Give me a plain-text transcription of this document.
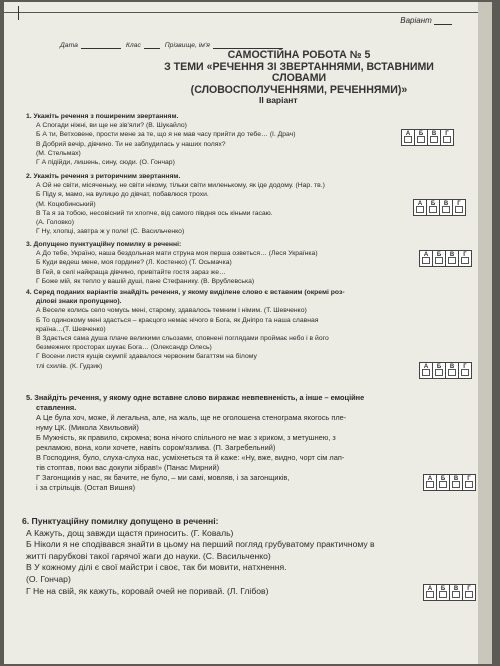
Варіант
Дата	Клас	Прізвище, ім'я
САМОСТІЙНА РОБОТА № 5
З ТЕМИ «РЕЧЕННЯ ЗІ ЗВЕРТАННЯМИ, ВСТАВНИМИ СЛОВАМИ
(СЛОВОСПОЛУЧЕННЯМИ, РЕЧЕННЯМИ)»
II варіант
1. Укажіть речення з поширеним звертанням.
А Спогади ніжні, ви ще не зів'яли? (В. Шукайло)
Б А ти, Ветховене, прости мене за те, що я не мав часу прийти до тебе… (І. Драч)
В Добрий вечір, дівчино. Ти не заблудилась у наших полях?
(М. Стельмах)
Г А підійди, лишень, сину, сюди. (О. Гончар)
А	Б	В	Г
2. Укажіть речення з риторичним звертанням.
А Ой не світи, місяченьку, не світи нікому, тільки світи миленькому, як іде додому. (Нар. тв.)
Б Піду я, мамо, на вулицю до дівчат, побавлюся трохи.
(М. Коцюбинський)
В Та я за тобою, несовісний ти хлопче, від самого півдня ось кіньми гасаю.
(А. Головко)
Г Ну, хлопці, завтра ж у поле! (С. Васильченко)
А	Б	В	Г
3. Допущено пунктуаційну помилку в реченні:
А До тебе, Україно, наша бездольная мати струна моя перша озветься… (Леся Українка)
Б Куди ведеш мене, моя гордине? (Л. Костенко) (Т. Осьмачка)
В Гей, в селі найкраща дівчино, привітайте гостя зараз же…
Г Боже мій, як тепло у вашій душі, пане Стефанику. (В. Врублевська)
А	Б	В	Г
4. Серед поданих варіантів знайдіть речення, у якому виділене слово є вставним (окремі роз-
ділові знаки пропущено).
А Веселе колись село чомусь мені, старому, здавалось темним і німим. (Т. Шевченко)
Б То одинокому мені здасться – краєцого немає нічого в Бога, як Дніпро та наша славная
країна…(Т. Шевченко)
В Здається сама душа плаче великими сльозами, сповнені поглядами проймає небо і в його
безмежних просторах шукає Бога… (Олександр Олесь)
Г Восени листя кущів скумпії здавалося червоним багаттям на білому
тлі схилів. (К. Гудзик)	А	Б	В	Г
5. Знайдіть речення, у якому одне вставне слово виражає невпевненість, а інше – емоційне
ставлення.
А Це була хоч, може, й легальна, але, на жаль, ще не оголошена стенограма якогось пле-
нуму ЦК. (Микола Хвильовий)
Б Мужність, як правило, скромна; вона нічого спільного не має з криком, з метушнею, з
рекламою, вона, коли хочете, навіть сором'язлива. (П. Загребельний)
В Господиня, було, слуха-слуха нас, усміхнеться та й каже: «Ну, вже, видно, чорт сім лап-
тів стоптав, поки вас докупи зібрав!» (Панас Мирний)
Г Загонщиків у нас, як бачите, не було, – ми самі, мовляв, і за загонщиків,
і за стрільців. (Остап Вишня)
А	Б	В	Г
6. Пунктуаційну помилку допущено в реченні:
А Кажуть, дощ завжди щастя приносить. (Г. Коваль)
Б Ніколи я не сподівався знайти в цьому на перший погляд грубуватому практичному в
житті парубкові такої гарячої жаги до науки. (С. Васильченко)
В У кожному ділі є свої майстри і своє, так би мовити, натхнення.
(О. Гончар)
Г Не на свій, як кажуть, коровай очей не поривай. (Л. Глібов)	А	Б	В	Г
